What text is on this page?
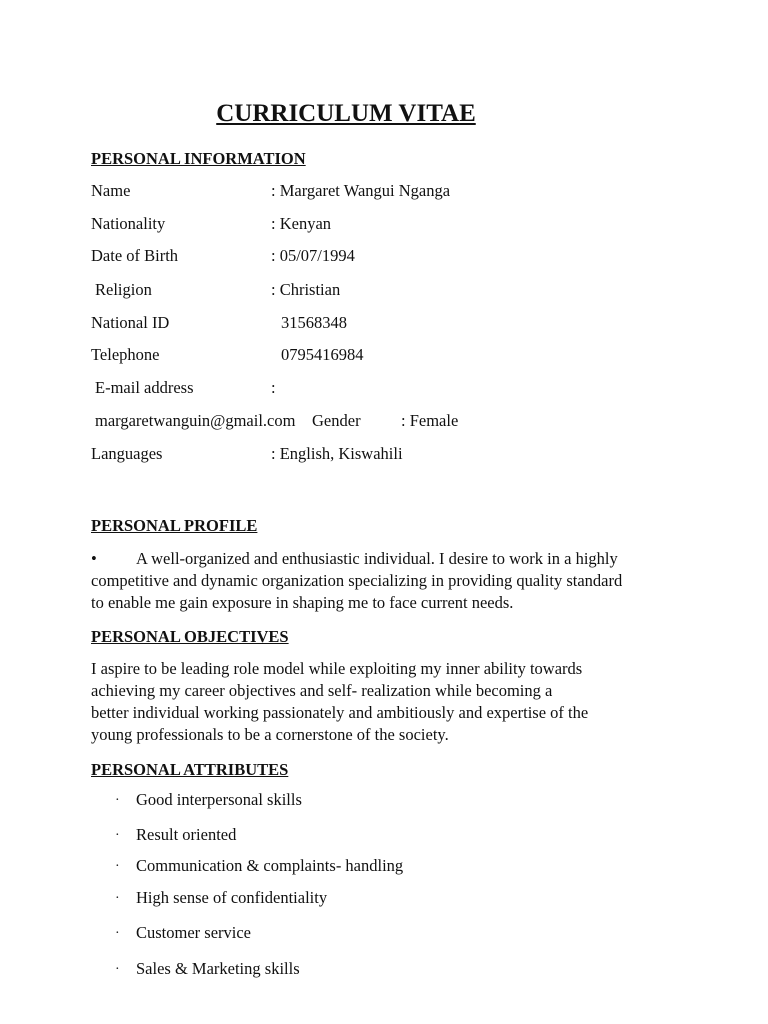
CURRICULUM VITAE
PERSONAL INFORMATION
Name	: Margaret Wangui Nganga
Nationality	: Kenyan
Date of Birth	: 05/07/1994
Religion	: Christian
National ID	31568348
Telephone	0795416984
E-mail address	:
margaretwanguin@gmail.com Gender : Female
Languages	: English, Kiswahili
PERSONAL PROFILE
• A well-organized and enthusiastic individual. I desire to work in a highly
competitive and dynamic organization specializing in providing quality standard
to enable me gain exposure in shaping me to face current needs.
PERSONAL OBJECTIVES
I aspire to be leading role model while exploiting my inner ability towards
achieving my career objectives and self- realization while becoming a
better individual working passionately and ambitiously and expertise of the
young professionals to be a cornerstone of the society.
PERSONAL ATTRIBUTES
· Good interpersonal skills
· Result oriented
· Communication & complaints- handling
· High sense of confidentiality
· Customer service
· Sales & Marketing skills
